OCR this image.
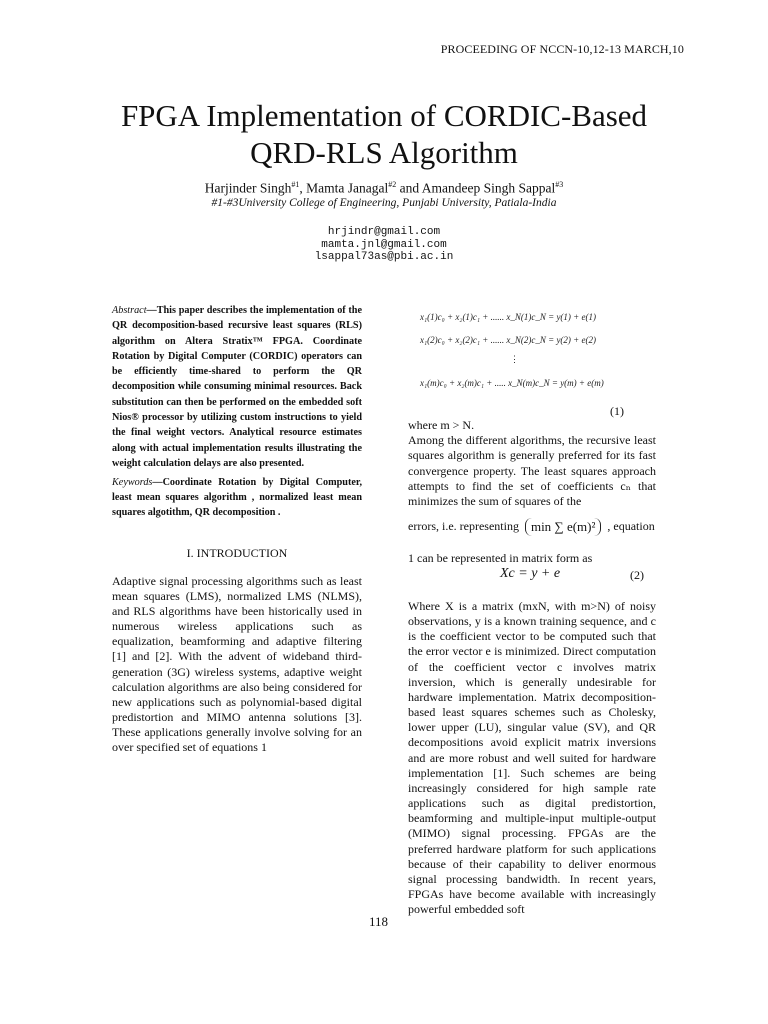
PROCEEDING OF NCCN-10,12-13 MARCH,10
FPGA Implementation of CORDIC-Based
QRD-RLS Algorithm
Harjinder Singh$^{\#1}$, Mamta Janagal$^{\#2}$ and Amandeep Singh Sappal$^{\#3}$
#1-#3University College of Engineering, Punjabi University, Patiala-India
hrjindr@gmail.com
mamta.jnl@gmail.com
lsappal73as@pbi.ac.in
Abstract—This paper describes the implementation of the QR decomposition-based recursive least squares (RLS) algorithm on Altera Stratix™ FPGA. Coordinate Rotation by Digital Computer (CORDIC) operators can be efficiently time-shared to perform the QR decomposition while consuming minimal resources. Back substitution can then be performed on the embedded soft Nios® processor by utilizing custom instructions to yield the final weight vectors. Analytical resource estimates along with actual implementation results illustrating the weight calculation delays are also presented.
Keywords—Coordinate Rotation by Digital Computer, least mean squares algorithm , normalized least mean squares algotithm, QR decomposition .
I. INTRODUCTION
Adaptive signal processing algorithms such as least mean squares (LMS), normalized LMS (NLMS), and RLS algorithms have been historically used in numerous wireless applications such as equalization, beamforming and adaptive filtering [1] and [2]. With the advent of wideband third-generation (3G) wireless systems, adaptive weight calculation algorithms are also being considered for new applications such as polynomial-based digital predistortion and MIMO antenna solutions [3]. These applications generally involve solving for an over specified set of equations 1
x₁(1)c₀ + x₂(1)c₁ + ...... x_N(1)c_N = y(1) + e(1)
x₁(2)c₀ + x₂(2)c₁ + ...... x_N(2)c_N = y(2) + e(2)
⋮
x₁(m)c₀ + x₂(m)c₁ + ..... x_N(m)c_N = y(m) + e(m)
(1)

where m > N.

Among the different algorithms, the recursive least squares algorithm is generally preferred for its fast convergence property. The least squares approach attempts to find the set of coefficients cₙ that minimizes the sum of squares of the

errors, i.e. representing min ∑ e(m)² , equation
1 can be represented in matrix form as
Xc = y + e	(2)
Where X is a matrix (mxN, with m>N) of noisy observations, y is a known training sequence, and c is the coefficient vector to be computed such that the error vector e is minimized. Direct computation of the coefficient vector c involves matrix inversion, which is generally undesirable for hardware implementation. Matrix decomposition-based least squares schemes such as Cholesky, lower upper (LU), singular value (SV), and QR decompositions avoid explicit matrix inversions and are more robust and well suited for hardware implementation [1]. Such schemes are being increasingly considered for high sample rate applications such as digital predistortion, beamforming and multiple-input multiple-output (MIMO) signal processing. FPGAs are the preferred hardware platform for such applications because of their capability to deliver enormous signal processing bandwidth. In recent years, FPGAs have become available with increasingly powerful embedded soft
118
